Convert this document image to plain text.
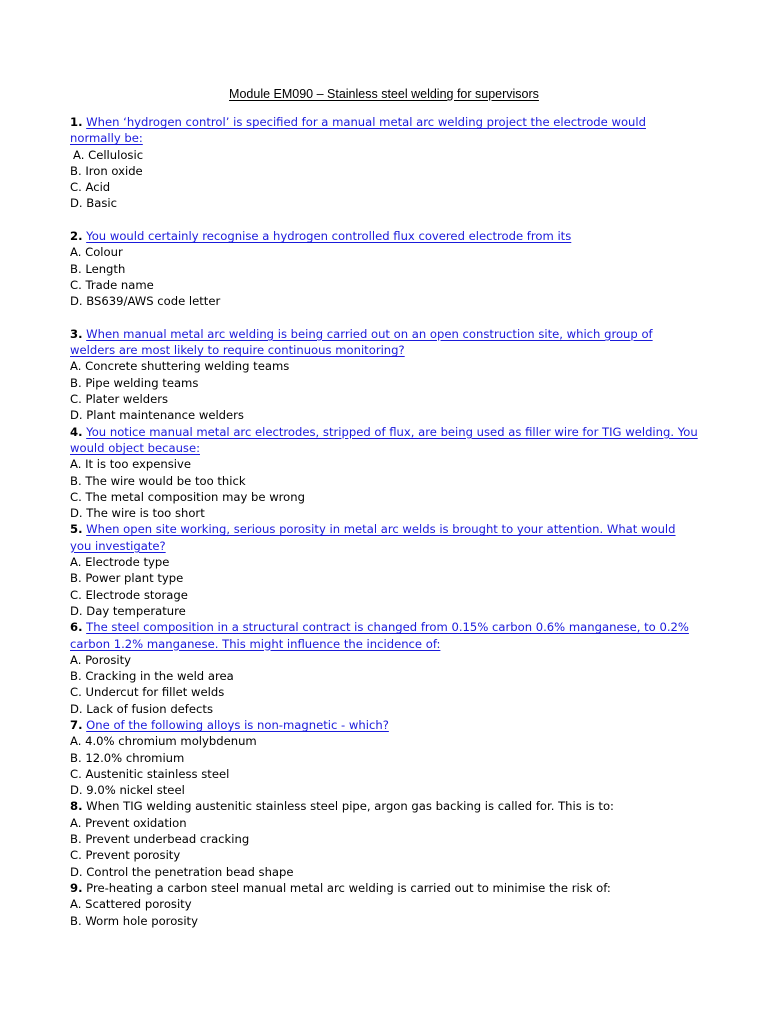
Module EM090 – Stainless steel welding for supervisors
1. When ‘hydrogen control’ is specified for a manual metal arc welding project the electrode would normally be:
A. Cellulosic
B. Iron oxide
C. Acid
D. Basic
2. You would certainly recognise a hydrogen controlled flux covered electrode from its
A. Colour
B. Length
C. Trade name
D. BS639/AWS code letter
3. When manual metal arc welding is being carried out on an open construction site, which group of welders are most likely to require continuous monitoring?
A. Concrete shuttering welding teams
B. Pipe welding teams
C. Plater welders
D. Plant maintenance welders
4. You notice manual metal arc electrodes, stripped of flux, are being used as filler wire for TIG welding. You would object because:
A. It is too expensive
B. The wire would be too thick
C. The metal composition may be wrong
D. The wire is too short
5. When open site working, serious porosity in metal arc welds is brought to your attention. What would you investigate?
A. Electrode type
B. Power plant type
C. Electrode storage
D. Day temperature
6. The steel composition in a structural contract is changed from 0.15% carbon 0.6% manganese, to 0.2% carbon 1.2% manganese. This might influence the incidence of:
A. Porosity
B. Cracking in the weld area
C. Undercut for fillet welds
D. Lack of fusion defects
7. One of the following alloys is non-magnetic - which?
A. 4.0% chromium molybdenum
B. 12.0% chromium
C. Austenitic stainless steel
D. 9.0% nickel steel
8. When TIG welding austenitic stainless steel pipe, argon gas backing is called for. This is to:
A. Prevent oxidation
B. Prevent underbead cracking
C. Prevent porosity
D. Control the penetration bead shape
9. Pre-heating a carbon steel manual metal arc welding is carried out to minimise the risk of:
A. Scattered porosity
B. Worm hole porosity
